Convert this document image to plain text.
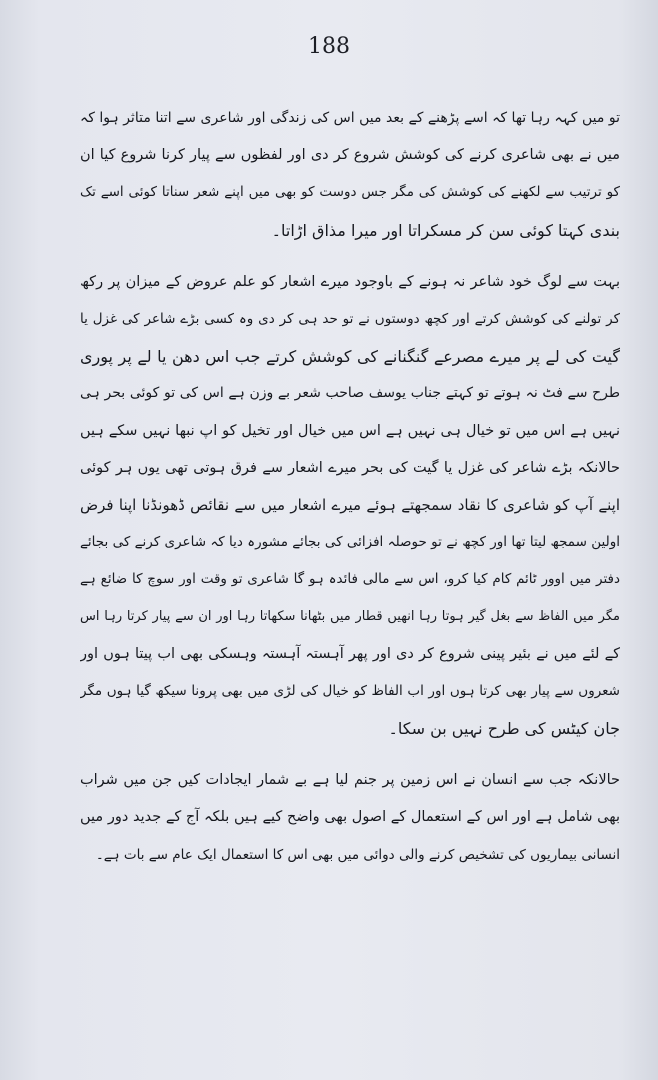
188

تو میں کہہ رہا تھا کہ اسے پڑھنے کے بعد میں اس کی زندگی اور شاعری سے اتنا متاثر ہوا کہ
میں نے بھی شاعری کرنے کی کوشش شروع کر دی اور لفظوں سے پیار کرنا شروع کیا ان
کو ترتیب سے لکھنے کی کوشش کی مگر جس دوست کو بھی میں اپنے شعر سناتا کوئی اسے تک
بندی کہتا کوئی سن کر مسکراتا اور میرا مذاق اڑاتا۔

بہت سے لوگ خود شاعر نہ ہونے کے باوجود میرے اشعار کو علم عروض کے میزان پر رکھ
کر تولنے کی کوشش کرتے اور کچھ دوستوں نے تو حد ہی کر دی وہ کسی بڑے شاعر کی غزل یا
گیت کی لے پر میرے مصرعے گنگنانے کی کوشش کرتے جب اس دھن یا لے پر پوری
طرح سے فٹ نہ ہوتے تو کہتے جناب یوسف صاحب شعر بے وزن ہے اس کی تو کوئی بحر ہی
نہیں ہے اس میں تو خیال ہی نہیں ہے اس میں خیال اور تخیل کو اپ نبھا نہیں سکے ہیں
حالانکہ بڑے شاعر کی غزل یا گیت کی بحر میرے اشعار سے فرق ہوتی تھی یوں ہر کوئی
اپنے آپ کو شاعری کا نقاد سمجھتے ہوئے میرے اشعار میں سے نقائص ڈھونڈنا اپنا فرض
اولین سمجھ لیتا تھا اور کچھ نے تو حوصلہ افزائی کی بجائے مشورہ دیا کہ شاعری کرنے کی بجائے
دفتر میں اوور ٹائم کام کیا کرو، اس سے مالی فائدہ ہو گا شاعری تو وقت اور سوچ کا ضائع ہے
مگر میں الفاظ سے بغل گیر ہوتا رہا انھیں قطار میں بٹھانا سکھاتا رہا اور ان سے پیار کرتا رہا اس
کے لئے میں نے بئیر پینی شروع کر دی اور پھر آہستہ آہستہ وہسکی بھی اب پیتا ہوں اور
شعروں سے پیار بھی کرتا ہوں اور اب الفاظ کو خیال کی لڑی میں بھی پرونا سیکھ گیا ہوں مگر
جان کیٹس کی طرح نہیں بن سکا۔

حالانکہ جب سے انسان نے اس زمین پر جنم لیا ہے بے شمار ایجادات کیں جن میں شراب
بھی شامل ہے اور اس کے استعمال کے اصول بھی واضح کیے ہیں بلکہ آج کے جدید دور میں
انسانی بیماریوں کی تشخیص کرنے والی دوائی میں بھی اس کا استعمال ایک عام سے بات ہے۔
